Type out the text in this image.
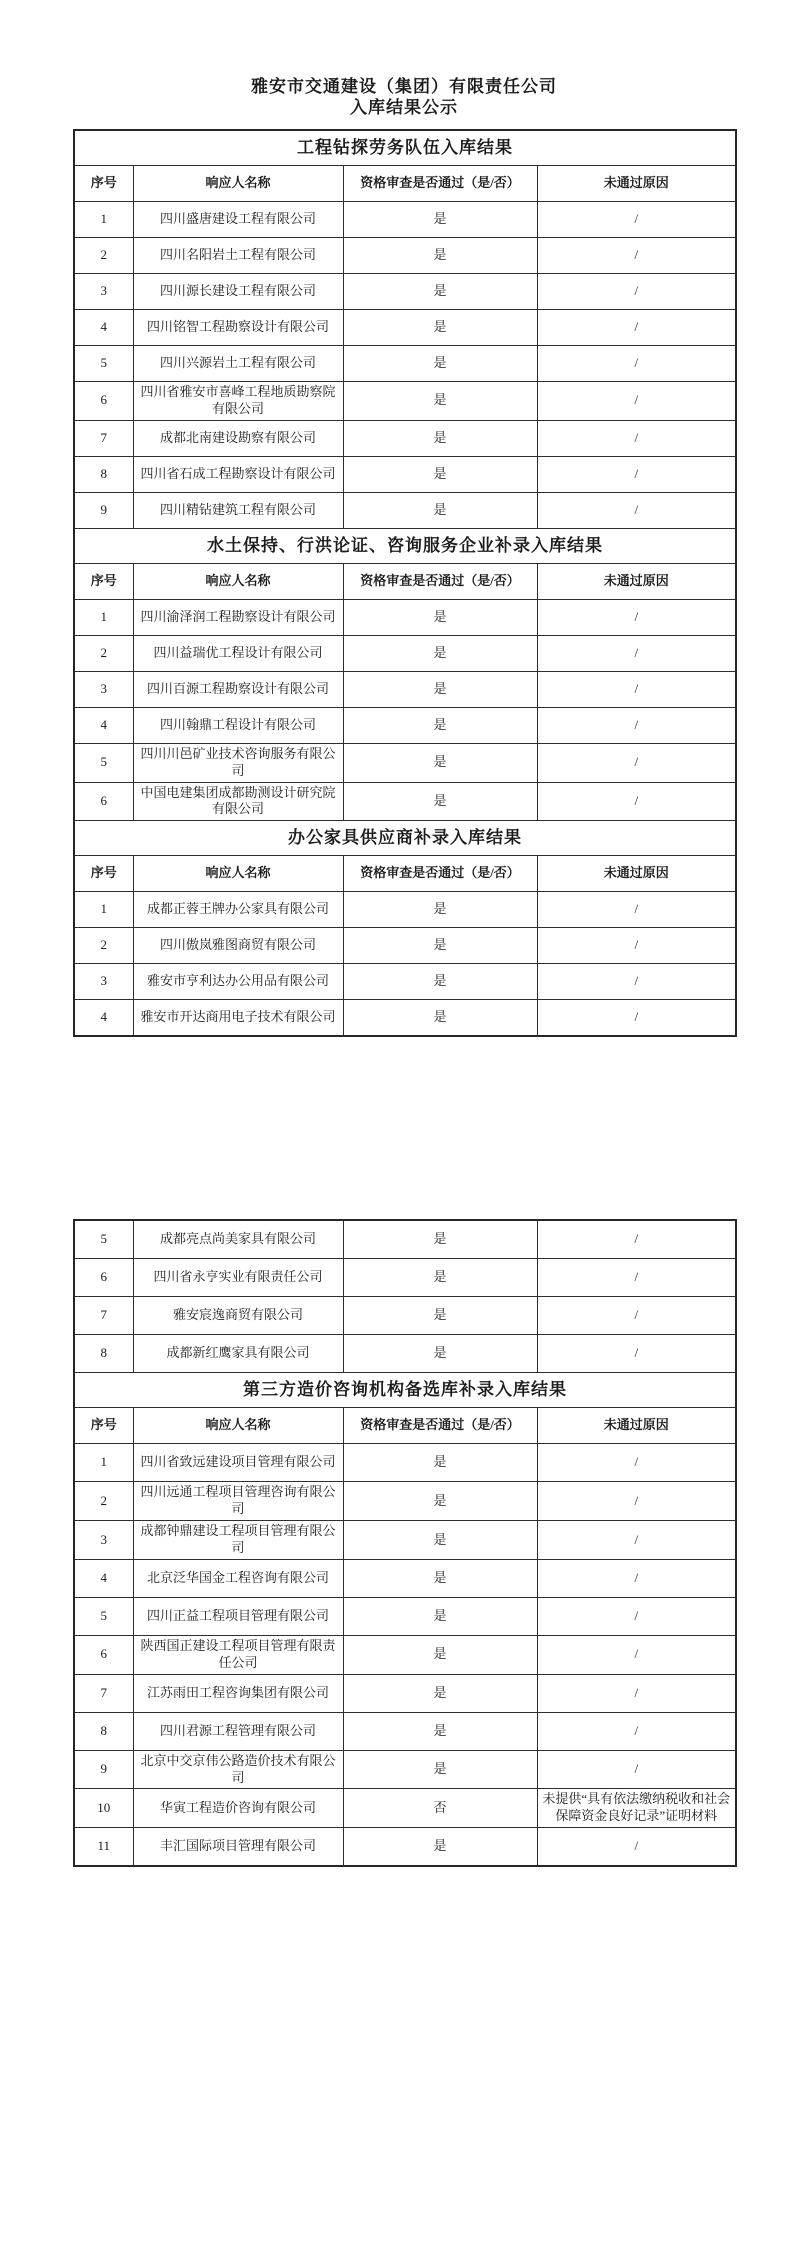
雅安市交通建设（集团）有限责任公司
入库结果公示
工程钻探劳务队伍入库结果			
序号	响应人名称	资格审查是否通过（是/否）	未通过原因
1	四川盛唐建设工程有限公司	是	/
2	四川名阳岩土工程有限公司	是	/
3	四川源长建设工程有限公司	是	/
4	四川铭智工程勘察设计有限公司	是	/
5	四川兴源岩土工程有限公司	是	/
6	四川省雅安市喜峰工程地质勘察院有限公司	是	/
7	成都北南建设勘察有限公司	是	/
8	四川省石成工程勘察设计有限公司	是	/
9	四川精钻建筑工程有限公司	是	/
水土保持、行洪论证、咨询服务企业补录入库结果			
序号	响应人名称	资格审查是否通过（是/否）	未通过原因
1	四川渝泽润工程勘察设计有限公司	是	/
2	四川益瑞优工程设计有限公司	是	/
3	四川百源工程勘察设计有限公司	是	/
4	四川翰鼎工程设计有限公司	是	/
5	四川川邑矿业技术咨询服务有限公司	是	/
6	中国电建集团成都勘测设计研究院有限公司	是	/
办公家具供应商补录入库结果			
序号	响应人名称	资格审查是否通过（是/否）	未通过原因
1	成都正蓉王牌办公家具有限公司	是	/
2	四川傲岚雅图商贸有限公司	是	/
3	雅安市亨利达办公用品有限公司	是	/
4	雅安市开达商用电子技术有限公司	是	/
5	成都亮点尚美家具有限公司	是	/
6	四川省永亨实业有限责任公司	是	/
7	雅安宸逸商贸有限公司	是	/
8	成都新红鹰家具有限公司	是	/
第三方造价咨询机构备选库补录入库结果			
序号	响应人名称	资格审查是否通过（是/否）	未通过原因
1	四川省致远建设项目管理有限公司	是	/
2	四川远通工程项目管理咨询有限公司	是	/
3	成都钟鼎建设工程项目管理有限公司	是	/
4	北京泛华国金工程咨询有限公司	是	/
5	四川正益工程项目管理有限公司	是	/
6	陕西国正建设工程项目管理有限责任公司	是	/
7	江苏雨田工程咨询集团有限公司	是	/
8	四川君源工程管理有限公司	是	/
9	北京中交京伟公路造价技术有限公司	是	/
10	华寅工程造价咨询有限公司	否	未提供“具有依法缴纳税收和社会保障资金良好记录”证明材料
11	丰汇国际项目管理有限公司	是	/
